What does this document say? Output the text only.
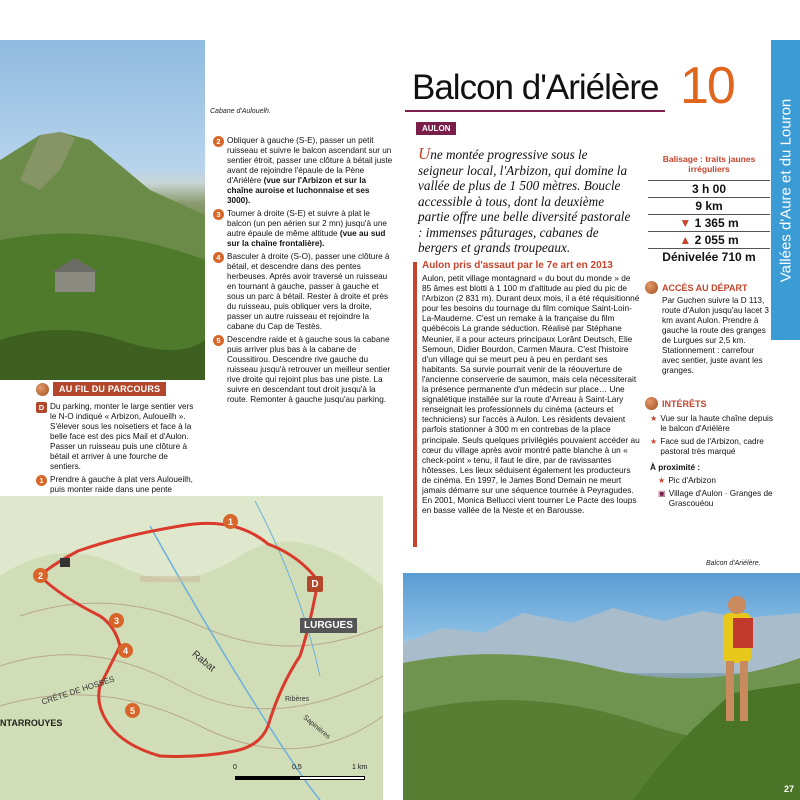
Cabane d'Aulouelh.
AU FIL DU PARCOURS
D Du parking, monter le large sentier vers le N-O indiqué « Arbizon, Auloueilh ». S'élever sous les noisetiers et face à la belle face est des pics Mail et d'Aulon. Passer un ruisseau puis une clôture à bétail et arriver à une fourche de sentiers.
1 Prendre à gauche à plat vers Auloueilh, puis monter raide dans une pente
2 Obliquer à gauche (S-E), passer un petit ruisseau et suivre le balcon ascendant sur un sentier étroit, passer une clôture à bétail juste avant de rejoindre l'épaule de la Pène d'Ariélère (vue sur l'Arbizon et sur la chaîne auroise et luchonnaise et ses 3000).
3 Tourner à droite (S-E) et suivre à plat le balcon (un pen aérien sur 2 mn) jusqu'à une autre épaule de même altitude (vue au sud sur la chaîne frontalière).
4 Basculer à droite (S-O), passer une clôture à bétail, et descendre dans des pentes herbeuses. Après avoir traversé un ruisseau en tournant à gauche, passer à gauche et sous un parc à bétail. Rester à droite et près du ruisseau, puis obliquer vers la droite, passer un autre ruisseau et rejoindre la cabane du Cap de Testès.
5 Descendre raide et à gauche sous la cabane puis arriver plus bas à la cabane de Coussitirou. Descendre rive gauche du ruisseau jusqu'à retrouver un meilleur sentier rive droite qui rejoint plus bas une piste. La suivre en descendant tout droit jusqu'à la route. Remonter à gauche jusqu'au parking.
LURGUES
CRÊTE DE HOSSES
NTARROUYES
Rabat
Ribères
Sapinières
D
1
2
3
4
5
0	0,5	1 km
Balcon d'Ariélère
AULON
10
Une montée progressive sous le seigneur local, l'Arbizon, qui domine la vallée de plus de 1 500 mètres. Boucle accessible à tous, dont la deuxième partie offre une belle diversité pastorale : immenses pâturages, cabanes de bergers et grands troupeaux.
Aulon pris d'assaut par le 7e art en 2013
Aulon, petit village montagnard « du bout du monde » de 85 âmes est blotti à 1 100 m d'altitude au pied du pic de l'Arbizon (2 831 m). Durant deux mois, il a été réquisitionné pour les besoins du tournage du film comique Saint-Loin-La-Mauderne. C'est un remake à la française du film québécois La grande séduction. Réalisé par Stéphane Meunier, il a pour acteurs principaux Lorânt Deutsch, Elie Semoun, Didier Bourdon, Carmen Maura. C'est l'histoire d'un village qui se meurt peu à peu en perdant ses habitants. Sa survie pourrait venir de la réouverture de l'ancienne conserverie de saumon, mais cela nécessiterait la présence permanente d'un médecin sur place… Une signalétique installée sur la route d'Arreau à Saint-Lary renseignait les professionnels du cinéma (acteurs et techniciens) sur l'accès à Aulon. Les résidents devaient parfois stationner à 300 m en contrebas de la place principale. Seuls quelques privilégiés pouvaient accéder au cœur du village après avoir montré patte blanche à un « check-point » tenu, il faut le dire, par de ravissantes hôtesses. Les lieux séduisent également les producteurs de cinéma. En 1997, le James Bond Demain ne meurt jamais démarre sur une séquence tournée à Peyragudes. En 2001, Monica Bellucci vient tourner Le Pacte des loups en basse vallée de la Neste et en Barousse.
Balisage : traits jaunes irréguliers
3 h 00
9 km
▼ 1 365 m
▲ 2 055 m
Dénivelée 710 m
ACCÈS AU DÉPART
Par Guchen suivre la D 113, route d'Aulon jusqu'au lacet 3 km avant Aulon. Prendre à gauche la route des granges de Lurgues sur 2,5 km. Stationnement : carrefour avec sentier, juste avant les granges.
INTÉRÊTS
★ Vue sur la haute chaîne depuis le balcon d'Ariélère
★ Face sud de l'Arbizon, cadre pastoral très marqué
À proximité :
★ Pic d'Arbizon
▣ Village d'Aulon · Granges de Grascouéou
Balcon d'Ariélère.
27
Vallées d'Aure et du Louron
